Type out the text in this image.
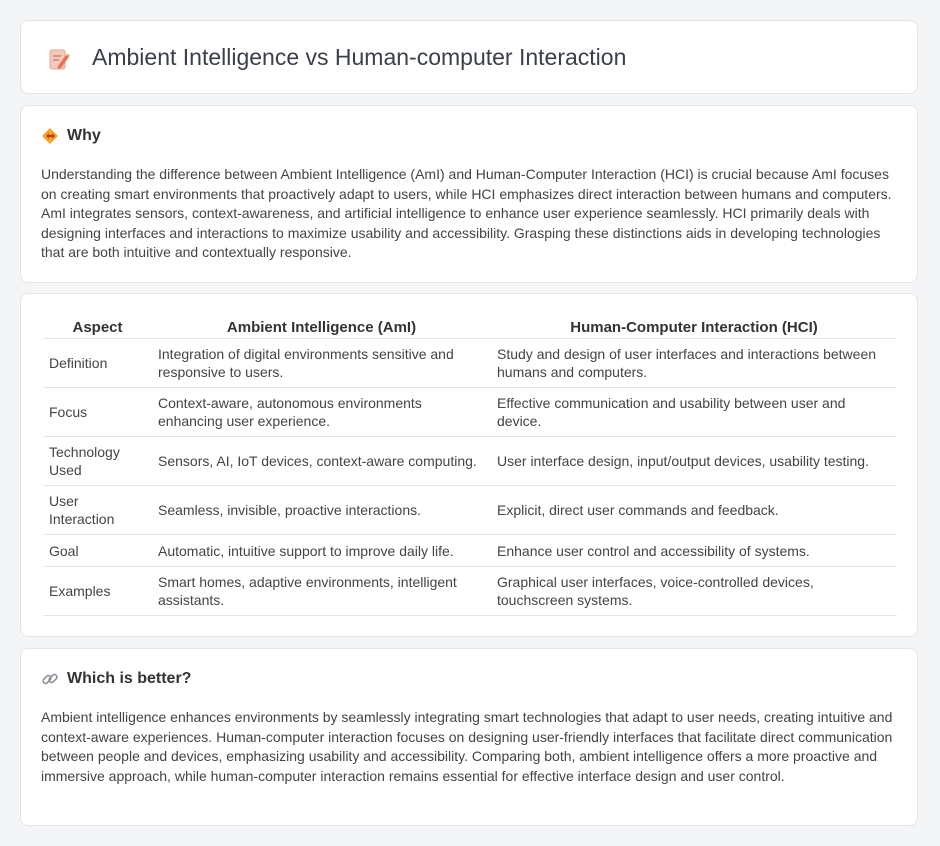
Ambient Intelligence vs Human-computer Interaction
Why

Understanding the difference between Ambient Intelligence (AmI) and Human-Computer Interaction (HCI) is crucial because AmI focuses on creating smart environments that proactively adapt to users, while HCI emphasizes direct interaction between humans and computers. AmI integrates sensors, context-awareness, and artificial intelligence to enhance user experience seamlessly. HCI primarily deals with designing interfaces and interactions to maximize usability and accessibility. Grasping these distinctions aids in developing technologies that are both intuitive and contextually responsive.

Aspect	Ambient Intelligence (AmI)	Human-Computer Interaction (HCI)
Definition	Integration of digital environments sensitive and responsive to users.	Study and design of user interfaces and interactions between humans and computers.
Focus	Context-aware, autonomous environments enhancing user experience.	Effective communication and usability between user and device.
Technology Used	Sensors, AI, IoT devices, context-aware computing.	User interface design, input/output devices, usability testing.
User Interaction	Seamless, invisible, proactive interactions.	Explicit, direct user commands and feedback.
Goal	Automatic, intuitive support to improve daily life.	Enhance user control and accessibility of systems.
Examples	Smart homes, adaptive environments, intelligent assistants.	Graphical user interfaces, voice-controlled devices, touchscreen systems.
Which is better?

Ambient intelligence enhances environments by seamlessly integrating smart technologies that adapt to user needs, creating intuitive and context-aware experiences. Human-computer interaction focuses on designing user-friendly interfaces that facilitate direct communication between people and devices, emphasizing usability and accessibility. Comparing both, ambient intelligence offers a more proactive and immersive approach, while human-computer interaction remains essential for effective interface design and user control.
